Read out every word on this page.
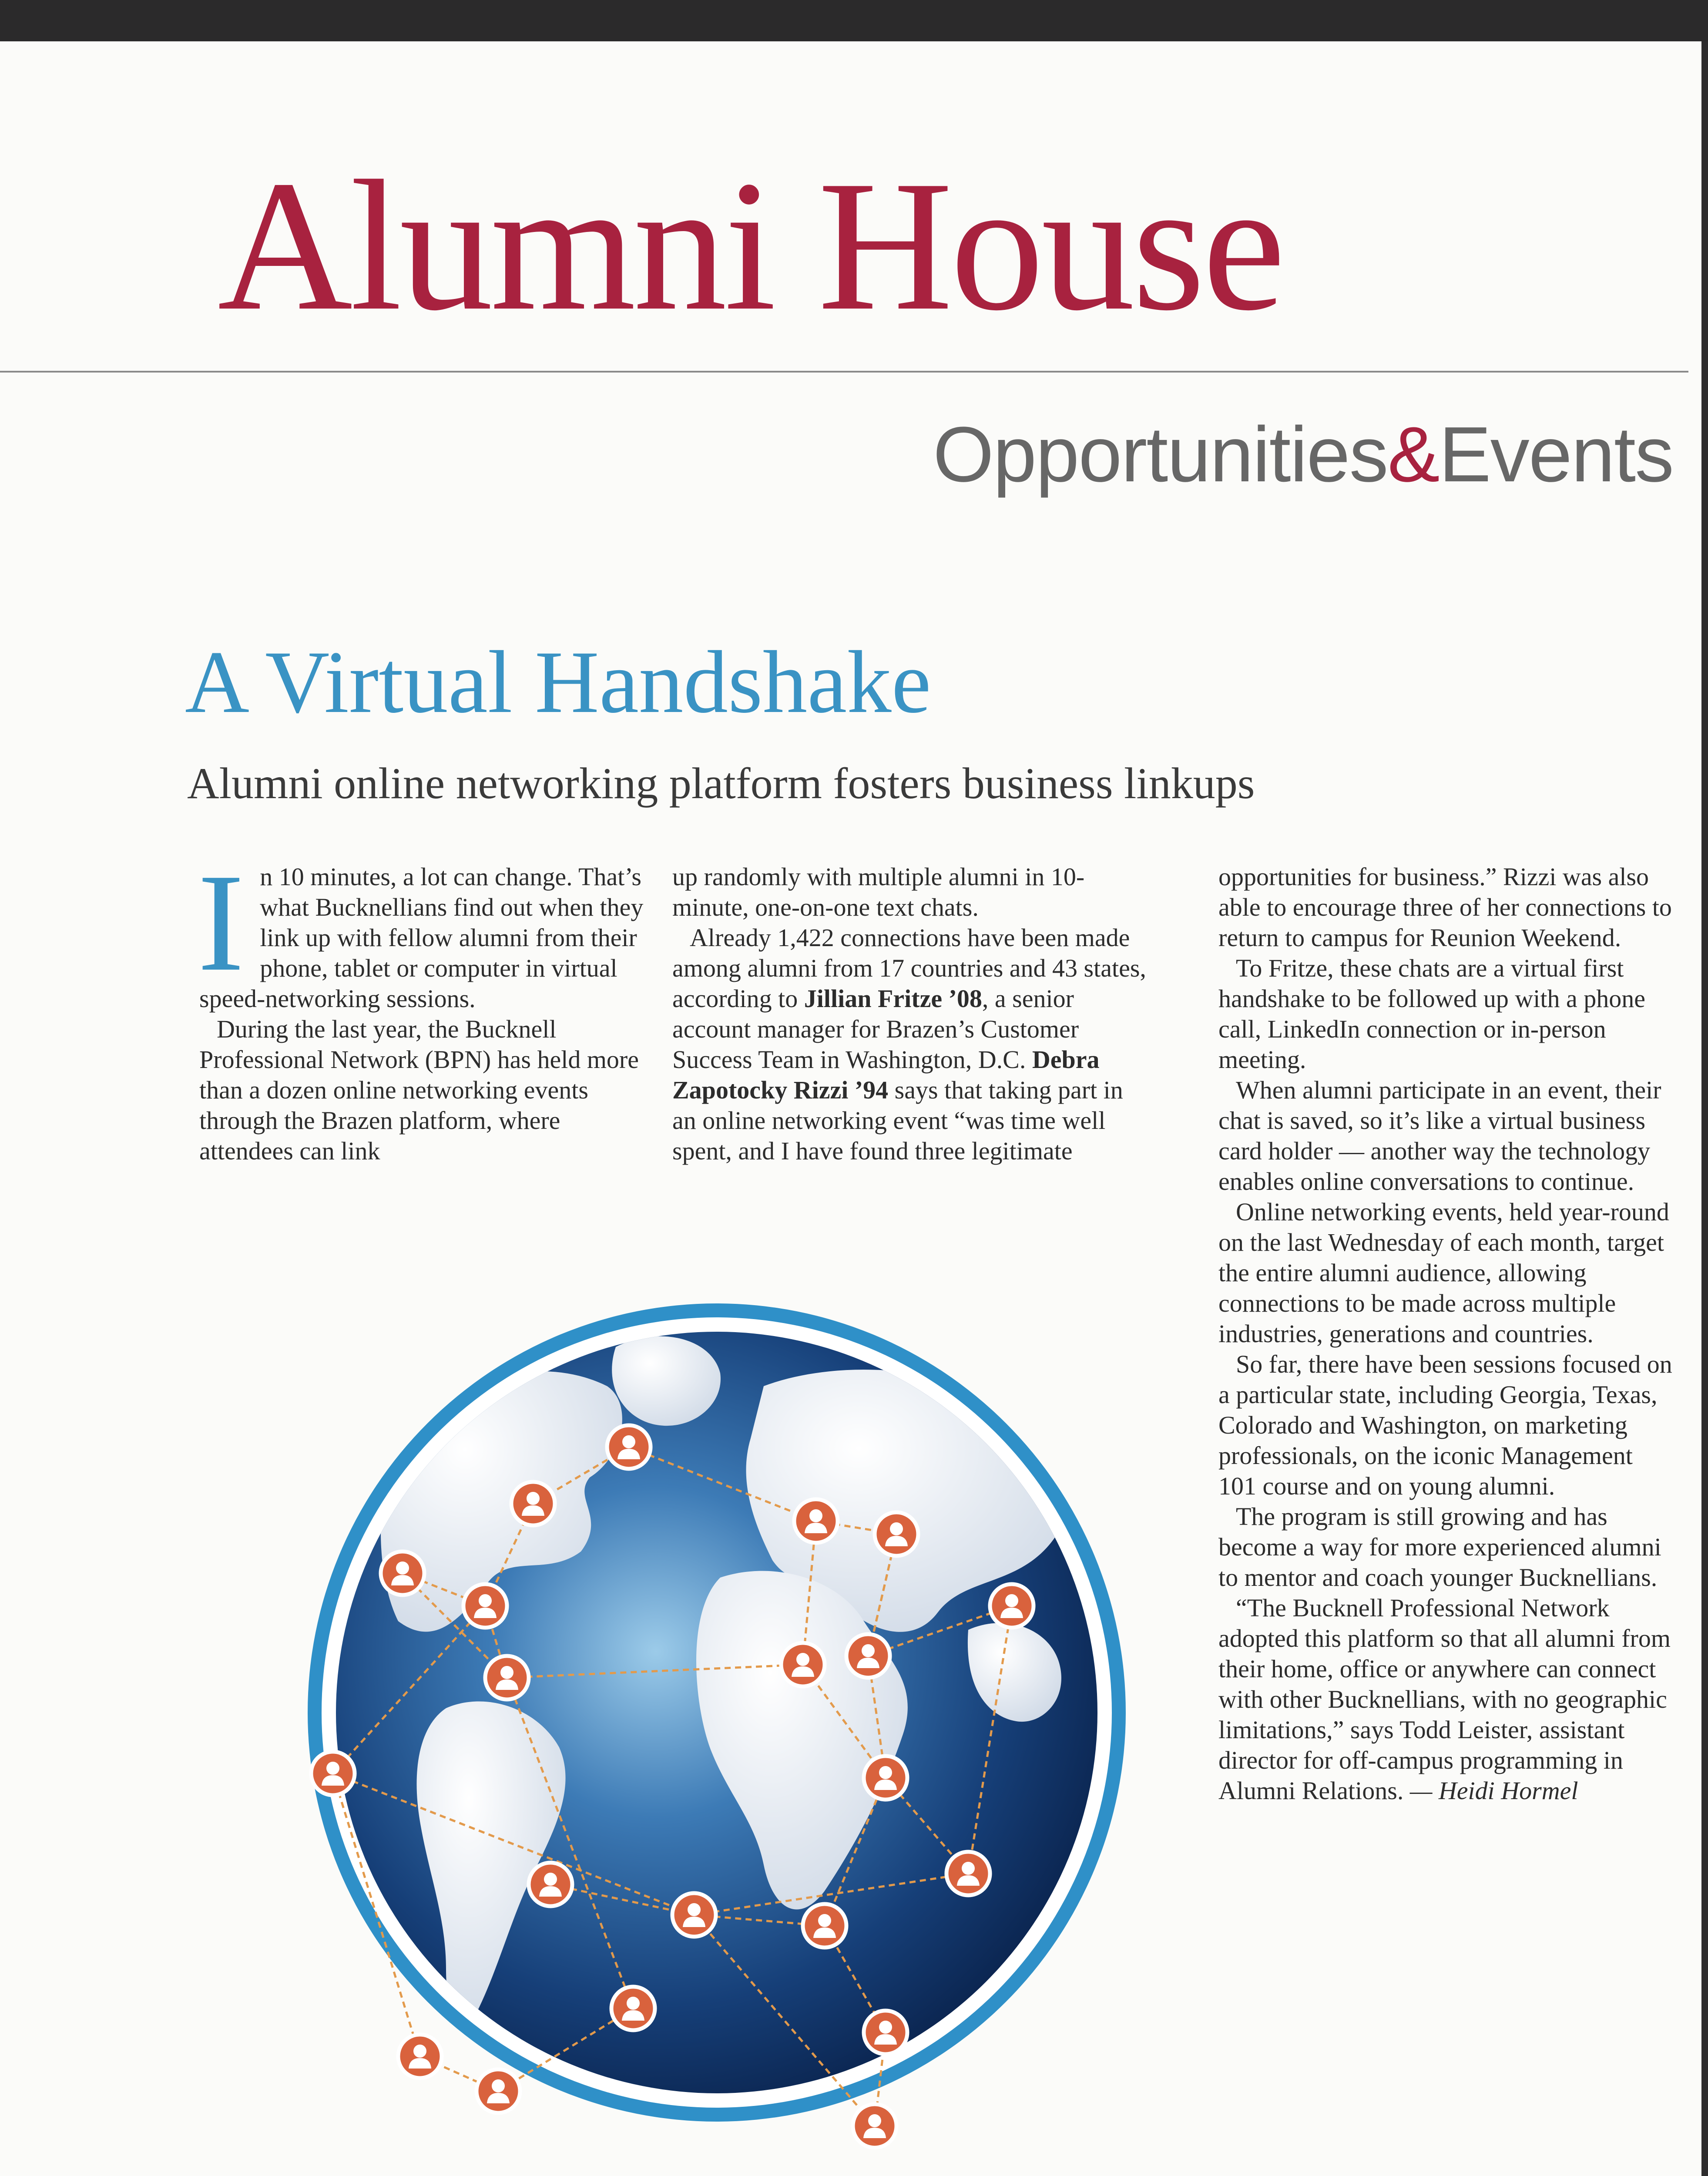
Alumni House
Opportunities&Events
A Virtual Handshake
Alumni online networking platform fosters business linkups

In 10 minutes, a lot can change. That’s what Bucknellians find out when they link up with fellow alumni from their phone, tablet or computer in virtual speed-networking sessions.

During the last year, the Bucknell Professional Network (BPN) has held more than a dozen online networking events through the Brazen platform, where attendees can link

up randomly with multiple alumni in 10-minute, one-on-one text chats.

Already 1,422 connections have been made among alumni from 17 countries and 43 states, according to Jillian Fritze ’08, a senior account manager for Brazen’s Customer Success Team in Washington, D.C. Debra Zapotocky Rizzi ’94 says that taking part in an online networking event “was time well spent, and I have found three legitimate

opportunities for business.” Rizzi was also able to encourage three of her connections to return to campus for Reunion Weekend.

To Fritze, these chats are a virtual first handshake to be followed up with a phone call, LinkedIn connection or in-person meeting.

When alumni participate in an event, their chat is saved, so it’s like a virtual business card holder — another way the technology enables online conversations to continue.

Online networking events, held year-round on the last Wednesday of each month, target the entire alumni audience, allowing connections to be made across multiple industries, generations and countries.

So far, there have been sessions focused on a particular state, including Georgia, Texas, Colorado and Washington, on marketing professionals, on the iconic Management 101 course and on young alumni.

The program is still growing and has become a way for more experienced alumni to mentor and coach younger Bucknellians.

“The Bucknell Professional Network adopted this platform so that all alumni from their home, office or anywhere can connect with other Bucknellians, with no geographic limitations,” says Todd Leister, assistant director for off-campus programming in Alumni Relations. — Heidi Hormel
